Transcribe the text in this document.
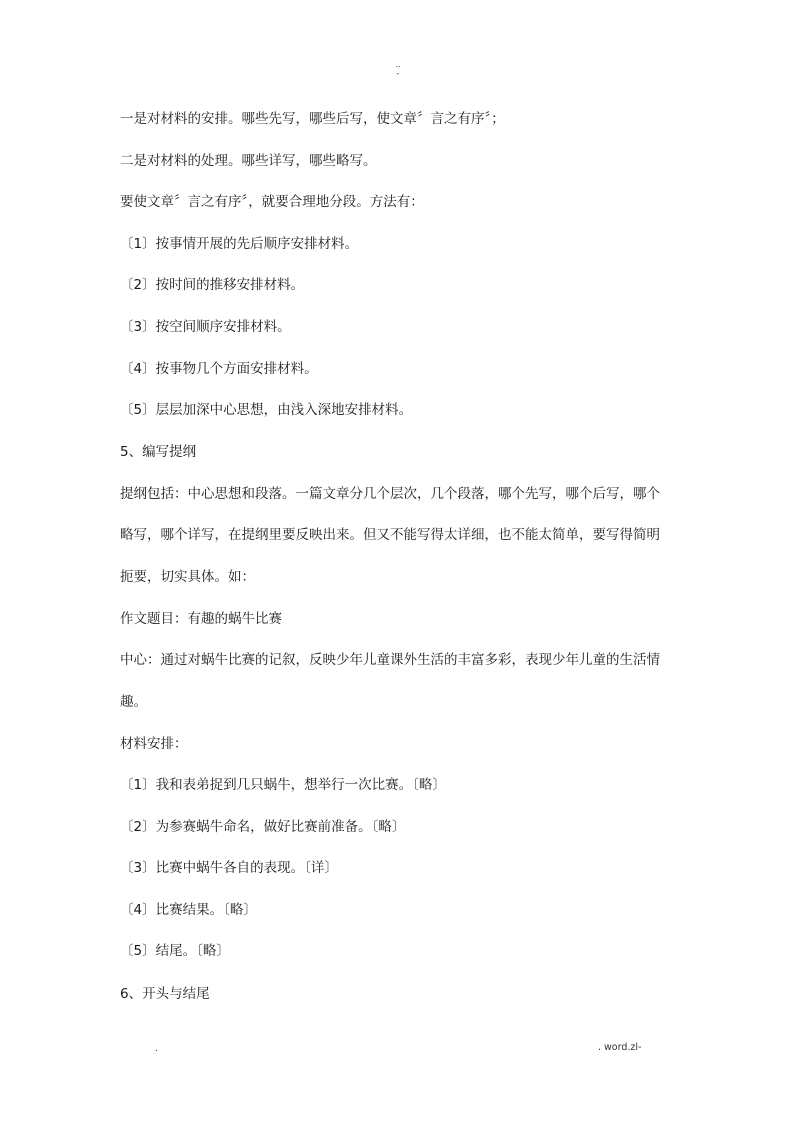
..
-

一是对材料的安排。哪些先写，哪些后写，使文章〞言之有序〞；

二是对材料的处理。哪些详写，哪些略写。

要使文章〞言之有序〞，就要合理地分段。方法有：

〔1〕按事情开展的先后顺序安排材料。

〔2〕按时间的推移安排材料。

〔3〕按空间顺序安排材料。

〔4〕按事物几个方面安排材料。

〔5〕层层加深中心思想，由浅入深地安排材料。

5、编写提纲

提纲包括：中心思想和段落。一篇文章分几个层次，几个段落，哪个先写，哪个后写，哪个

略写，哪个详写，在提纲里要反映出来。但又不能写得太详细，也不能太简单，要写得简明

扼要，切实具体。如：

作文题目：有趣的蜗牛比赛

中心：通过对蜗牛比赛的记叙，反映少年儿童课外生活的丰富多彩，表现少年儿童的生活情

趣。

材料安排：

〔1〕我和表弟捉到几只蜗牛，想举行一次比赛。〔略〕

〔2〕为参赛蜗牛命名，做好比赛前准备。〔略〕

〔3〕比赛中蜗牛各自的表现。〔详〕

〔4〕比赛结果。〔略〕

〔5〕结尾。〔略〕

6、开头与结尾

.	. word.zl-
